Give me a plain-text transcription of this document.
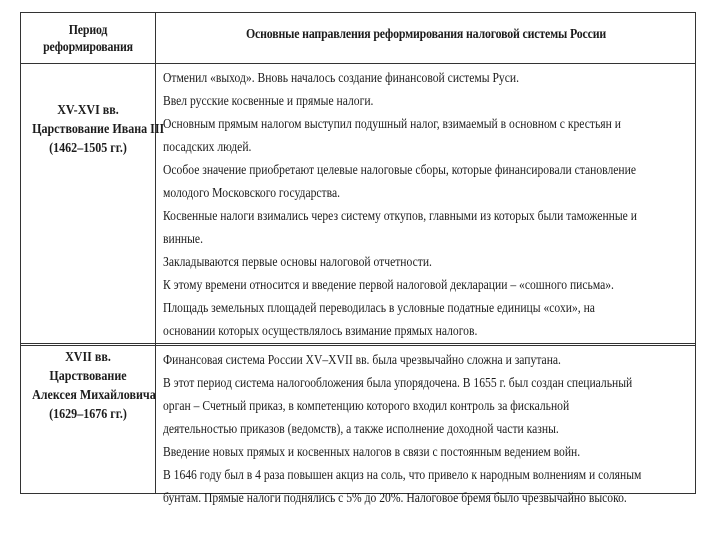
Период
реформирования
Основные направления реформирования налоговой системы России
XV-XVI вв.
Царствование Ивана III
(1462–1505 гг.)
Отменил «выход». Вновь началось создание финансовой системы Руси.
Ввел русские косвенные и прямые налоги.
Основным прямым налогом выступил подушный налог, взимаемый в основном с крестьян и
посадских людей.
Особое значение приобретают целевые налоговые сборы, которые финансировали становление
молодого Московского государства.
Косвенные налоги взимались через систему откупов, главными из которых были таможенные и
винные.
Закладываются первые основы налоговой отчетности.
К этому времени относится и введение первой налоговой декларации – «сошного письма».
Площадь земельных площадей переводилась в условные податные единицы «сохи», на
основании которых осуществлялось взимание прямых налогов.
XVII вв.
Царствование
Алексея Михайловича
(1629–1676 гг.)
Финансовая система России XV–XVII вв. была чрезвычайно сложна и запутана.
В этот период система налогообложения была упорядочена. В 1655 г. был создан специальный
орган – Счетный приказ, в компетенцию которого входил контроль за фискальной
деятельностью приказов (ведомств), а также исполнение доходной части казны.
Введение новых прямых и косвенных налогов в связи с постоянным ведением войн.
В 1646 году был в 4 раза повышен акциз на соль, что привело к народным волнениям и соляным
бунтам. Прямые налоги поднялись с 5% до 20%. Налоговое бремя было чрезвычайно высоко.
